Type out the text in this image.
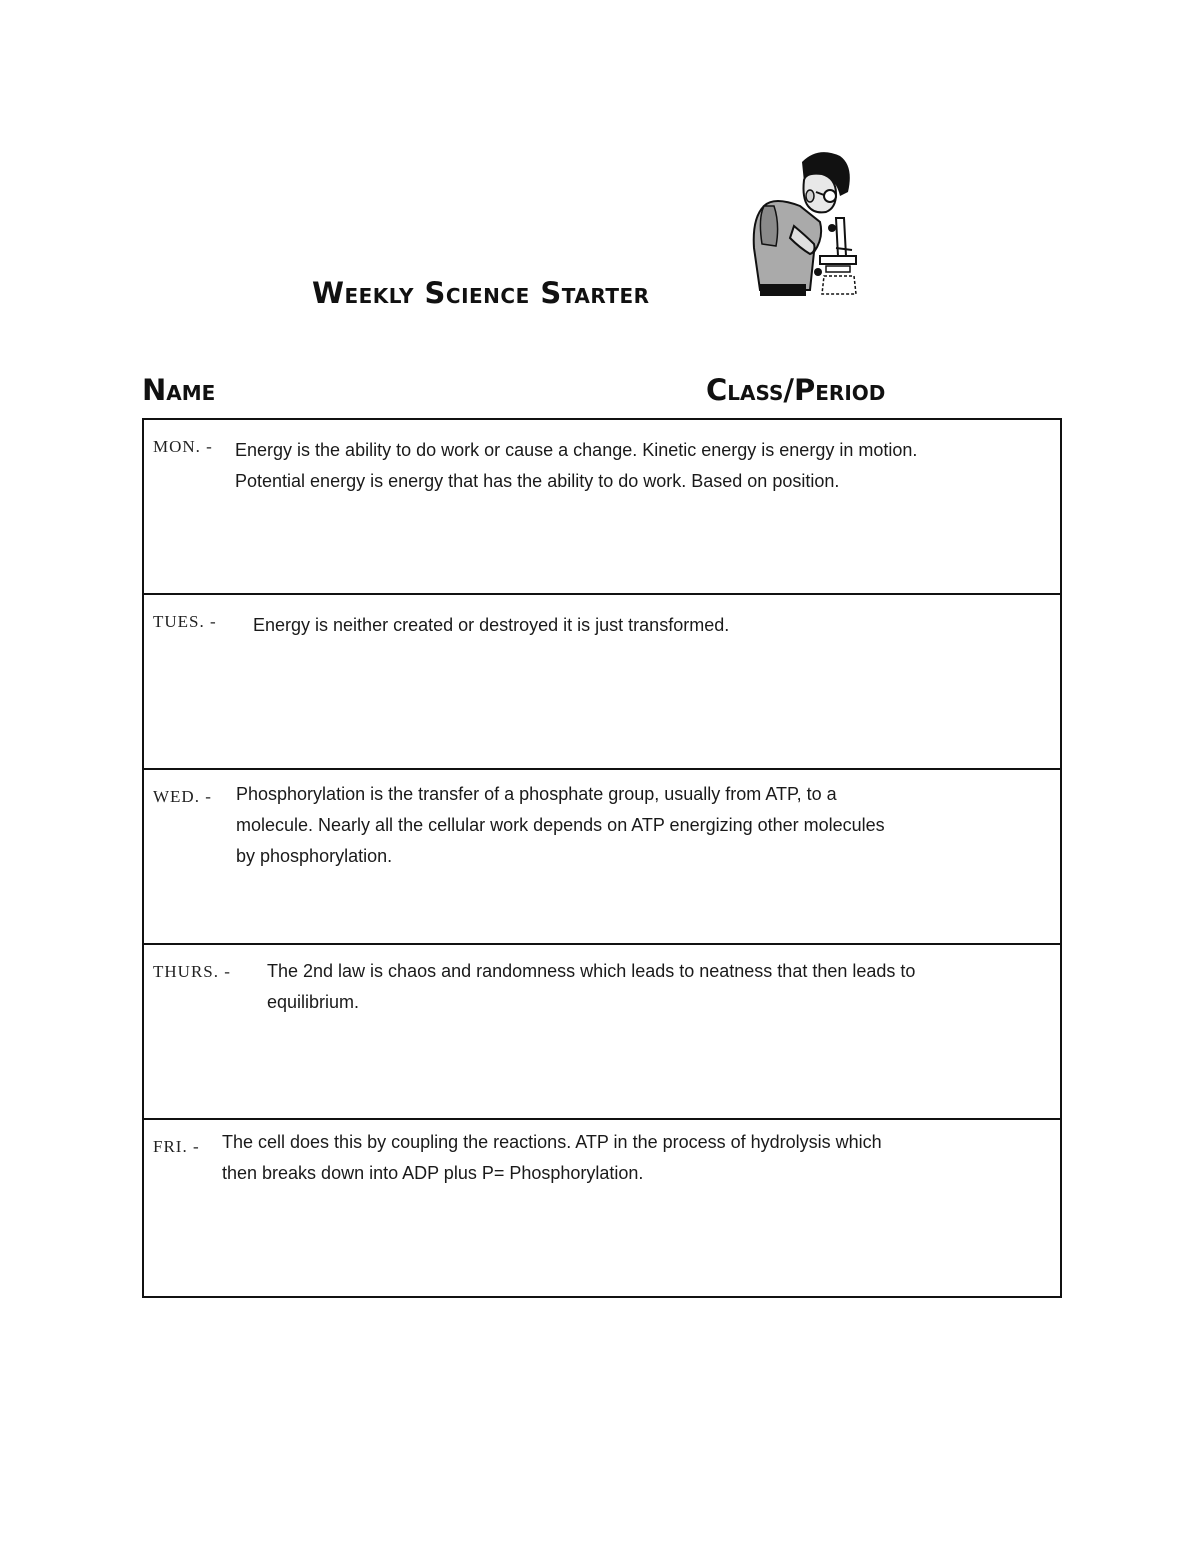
Weekly Science Starter
Name	Class/Period
MON. - Energy is the ability to do work or cause a change. Kinetic energy is energy in motion.
Potential energy is energy that has the ability to do work. Based on position.
TUES. - Energy is neither created or destroyed it is just transformed.
WED. - Phosphorylation is the transfer of a phosphate group, usually from ATP, to a
molecule. Nearly all the cellular work depends on ATP energizing other molecules
by phosphorylation.
THURS. - The 2nd law is chaos and randomness which leads to neatness that then leads to
equilibrium.
FRI. - The cell does this by coupling the reactions. ATP in the process of hydrolysis which
then breaks down into ADP plus P= Phosphorylation.
